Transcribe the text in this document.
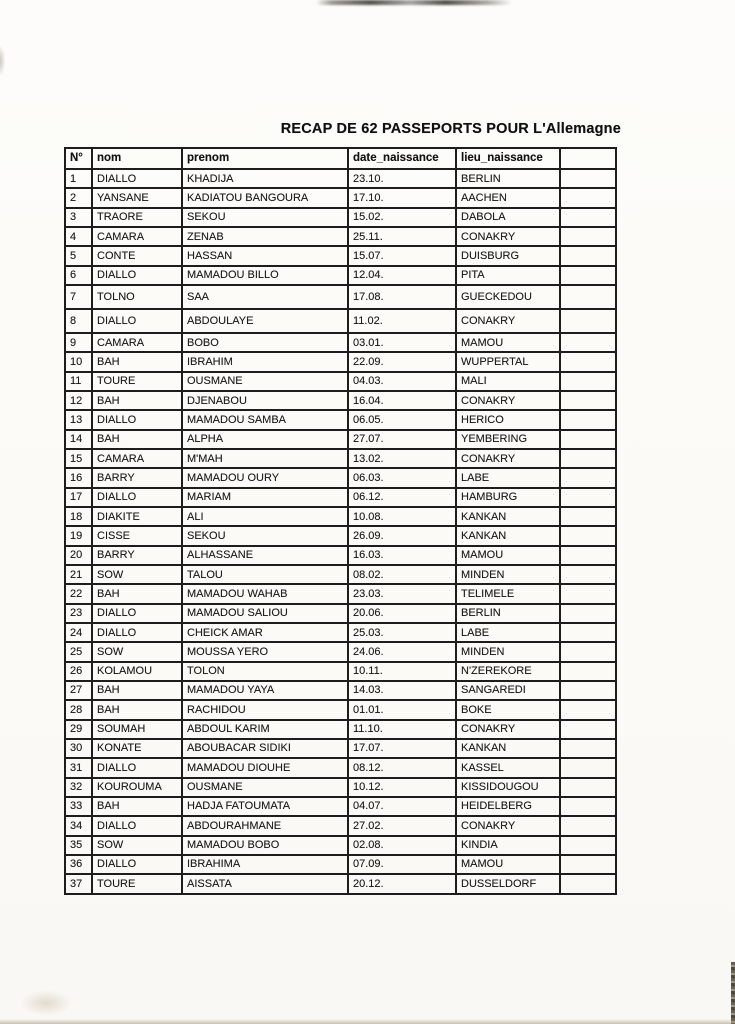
RECAP DE 62 PASSEPORTS POUR L'Allemagne
N°	nom	prenom	date_naissance	lieu_naissance	
1	DIALLO	KHADIJA	23.10.	BERLIN	
2	YANSANE	KADIATOU BANGOURA	17.10.	AACHEN	
3	TRAORE	SEKOU	15.02.	DABOLA	
4	CAMARA	ZENAB	25.11.	CONAKRY	
5	CONTE	HASSAN	15.07.	DUISBURG	
6	DIALLO	MAMADOU BILLO	12.04.	PITA	
7	TOLNO	SAA	17.08.	GUECKEDOU	
8	DIALLO	ABDOULAYE	11.02.	CONAKRY	
9	CAMARA	BOBO	03.01.	MAMOU	
10	BAH	IBRAHIM	22.09.	WUPPERTAL	
11	TOURE	OUSMANE	04.03.	MALI	
12	BAH	DJENABOU	16.04.	CONAKRY	
13	DIALLO	MAMADOU SAMBA	06.05.	HERICO	
14	BAH	ALPHA	27.07.	YEMBERING	
15	CAMARA	M'MAH	13.02.	CONAKRY	
16	BARRY	MAMADOU OURY	06.03.	LABE	
17	DIALLO	MARIAM	06.12.	HAMBURG	
18	DIAKITE	ALI	10.08.	KANKAN	
19	CISSE	SEKOU	26.09.	KANKAN	
20	BARRY	ALHASSANE	16.03.	MAMOU	
21	SOW	TALOU	08.02.	MINDEN	
22	BAH	MAMADOU WAHAB	23.03.	TELIMELE	
23	DIALLO	MAMADOU SALIOU	20.06.	BERLIN	
24	DIALLO	CHEICK AMAR	25.03.	LABE	
25	SOW	MOUSSA YERO	24.06.	MINDEN	
26	KOLAMOU	TOLON	10.11.	N'ZEREKORE	
27	BAH	MAMADOU YAYA	14.03.	SANGAREDI	
28	BAH	RACHIDOU	01.01.	BOKE	
29	SOUMAH	ABDOUL KARIM	11.10.	CONAKRY	
30	KONATE	ABOUBACAR SIDIKI	17.07.	KANKAN	
31	DIALLO	MAMADOU DIOUHE	08.12.	KASSEL	
32	KOUROUMA	OUSMANE	10.12.	KISSIDOUGOU	
33	BAH	HADJA FATOUMATA	04.07.	HEIDELBERG	
34	DIALLO	ABDOURAHMANE	27.02.	CONAKRY	
35	SOW	MAMADOU BOBO	02.08.	KINDIA	
36	DIALLO	IBRAHIMA	07.09.	MAMOU	
37	TOURE	AISSATA	20.12.	DUSSELDORF	
